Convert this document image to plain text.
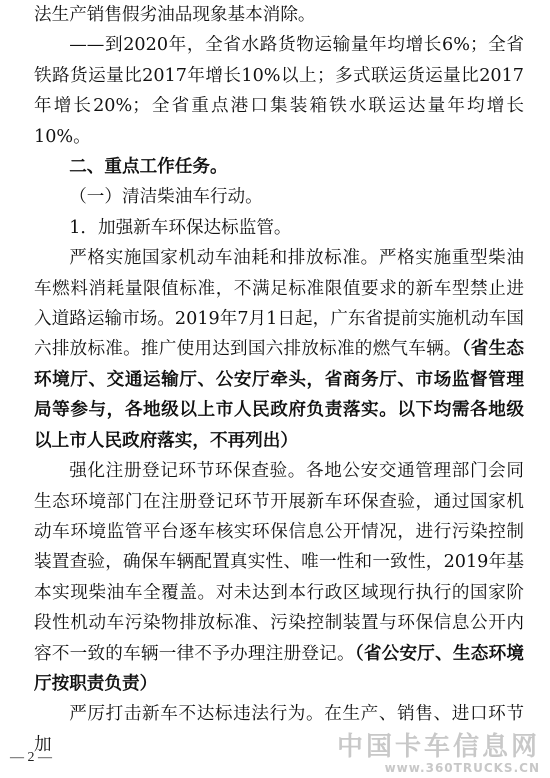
法生产销售假劣油品现象基本消除。

——到2020年，全省水路货物运输量年均增长6%；全省铁路货运量比2017年增长10%以上；多式联运货运量比2017年增长20%；全省重点港口集装箱铁水联运达量年均增长10%。

二、重点工作任务。

（一）清洁柴油车行动。

1．加强新车环保达标监管。

严格实施国家机动车油耗和排放标准。严格实施重型柴油车燃料消耗量限值标准，不满足标准限值要求的新车型禁止进入道路运输市场。2019年7月1日起，广东省提前实施机动车国六排放标准。推广使用达到国六排放标准的燃气车辆。（省生态环境厅、交通运输厅、公安厅牵头，省商务厅、市场监督管理局等参与，各地级以上市人民政府负责落实。以下均需各地级以上市人民政府落实，不再列出）

强化注册登记环节环保查验。各地公安交通管理部门会同生态环境部门在注册登记环节开展新车环保查验，通过国家机动车环境监管平台逐车核实环保信息公开情况，进行污染控制装置查验，确保车辆配置真实性、唯一性和一致性，2019年基本实现柴油车全覆盖。对未达到本行政区域现行执行的国家阶段性机动车污染物排放标准、污染控制装置与环保信息公开内容不一致的车辆一律不予办理注册登记。（省公安厅、生态环境厅按职责负责）

严厉打击新车不达标违法行为。在生产、销售、进口环节加

— 2 —	中国卡车信息网
www.360TRUCKS.CN
